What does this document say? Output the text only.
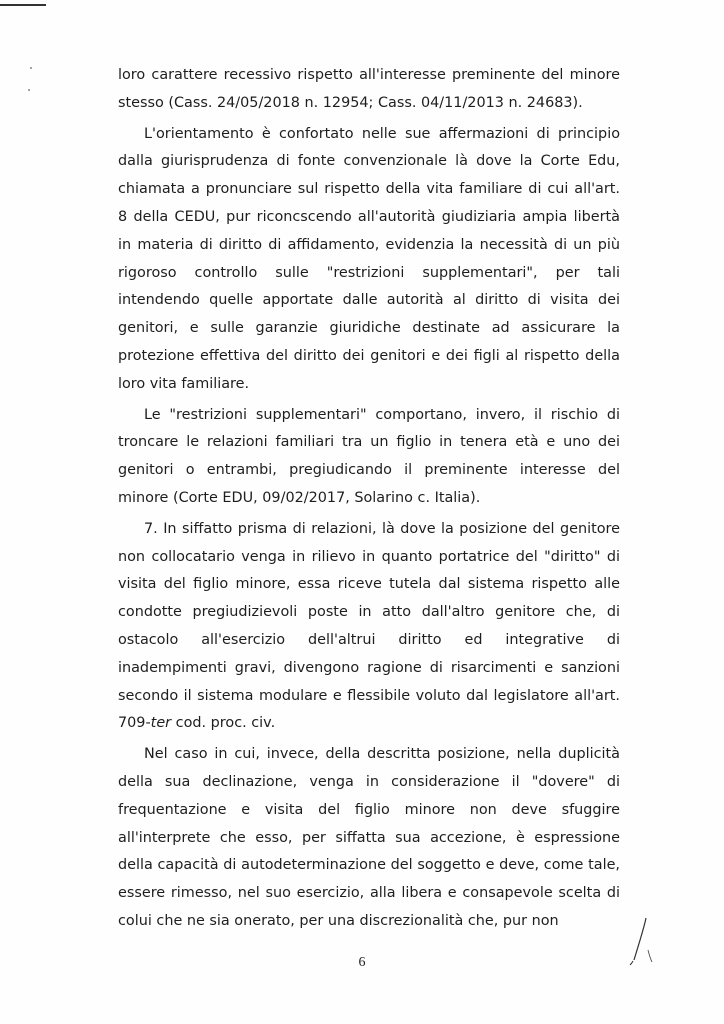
loro carattere recessivo rispetto all'interesse preminente del minore stesso (Cass. 24/05/2018 n. 12954; Cass. 04/11/2013 n. 24683).

L'orientamento è confortato nelle sue affermazioni di principio dalla giurisprudenza di fonte convenzionale là dove la Corte Edu, chiamata a pronunciare sul rispetto della vita familiare di cui all'art. 8 della CEDU, pur riconcscendo all'autorità giudiziaria ampia libertà in materia di diritto di affidamento, evidenzia la necessità di un più rigoroso controllo sulle "restrizioni supplementari", per tali intendendo quelle apportate dalle autorità al diritto di visita dei genitori, e sulle garanzie giuridiche destinate ad assicurare la protezione effettiva del diritto dei genitori e dei figli al rispetto della loro vita familiare.

Le "restrizioni supplementari" comportano, invero, il rischio di troncare le relazioni familiari tra un figlio in tenera età e uno dei genitori o entrambi, pregiudicando il preminente interesse del minore (Corte EDU, 09/02/2017, Solarino c. Italia).

7. In siffatto prisma di relazioni, là dove la posizione del genitore non collocatario venga in rilievo in quanto portatrice del "diritto" di visita del figlio minore, essa riceve tutela dal sistema rispetto alle condotte pregiudizievoli poste in atto dall'altro genitore che, di ostacolo all'esercizio dell'altrui diritto ed integrative di inadempimenti gravi, divengono ragione di risarcimenti e sanzioni secondo il sistema modulare e flessibile voluto dal legislatore all'art. 709-ter cod. proc. civ.

Nel caso in cui, invece, della descritta posizione, nella duplicità della sua declinazione, venga in considerazione il "dovere" di frequentazione e visita del figlio minore non deve sfuggire all'interprete che esso, per siffatta sua accezione, è espressione della capacità di autodeterminazione del soggetto e deve, come tale, essere rimesso, nel suo esercizio, alla libera e consapevole scelta di colui che ne sia onerato, per una discrezionalità che, pur non

6
